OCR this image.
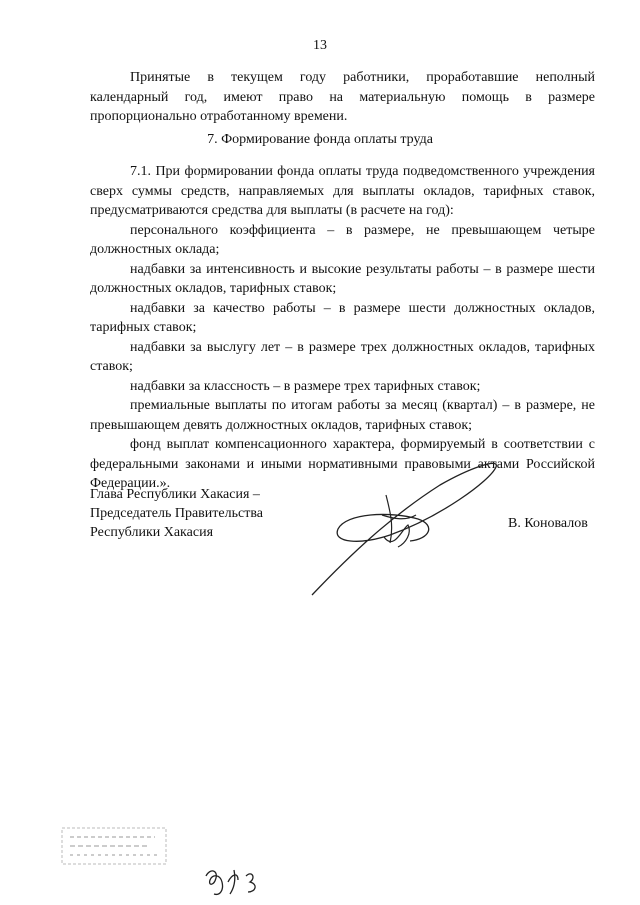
13

Принятые в текущем году работники, проработавшие неполный календарный год, имеют право на материальную помощь в размере пропорционально отработанному времени.

7. Формирование фонда оплаты труда

7.1. При формировании фонда оплаты труда подведомственного учреждения сверх суммы средств, направляемых для выплаты окладов, тарифных ставок, предусматриваются средства для выплаты (в расчете на год):

персонального коэффициента – в размере, не превышающем четыре должностных оклада;

надбавки за интенсивность и высокие результаты работы – в размере шести должностных окладов, тарифных ставок;

надбавки за качество работы – в размере шести должностных окладов, тарифных ставок;

надбавки за выслугу лет – в размере трех должностных окладов, тарифных ставок;

надбавки за классность – в размере трех тарифных ставок;

премиальные выплаты по итогам работы за месяц (квартал) – в размере, не превышающем девять должностных окладов, тарифных ставок;

фонд выплат компенсационного характера, формируемый в соответствии с федеральными законами и иными нормативными правовыми актами Российской Федерации.».

Глава Республики Хакасия –
Председатель Правительства
Республики Хакасия
В. Коновалов
